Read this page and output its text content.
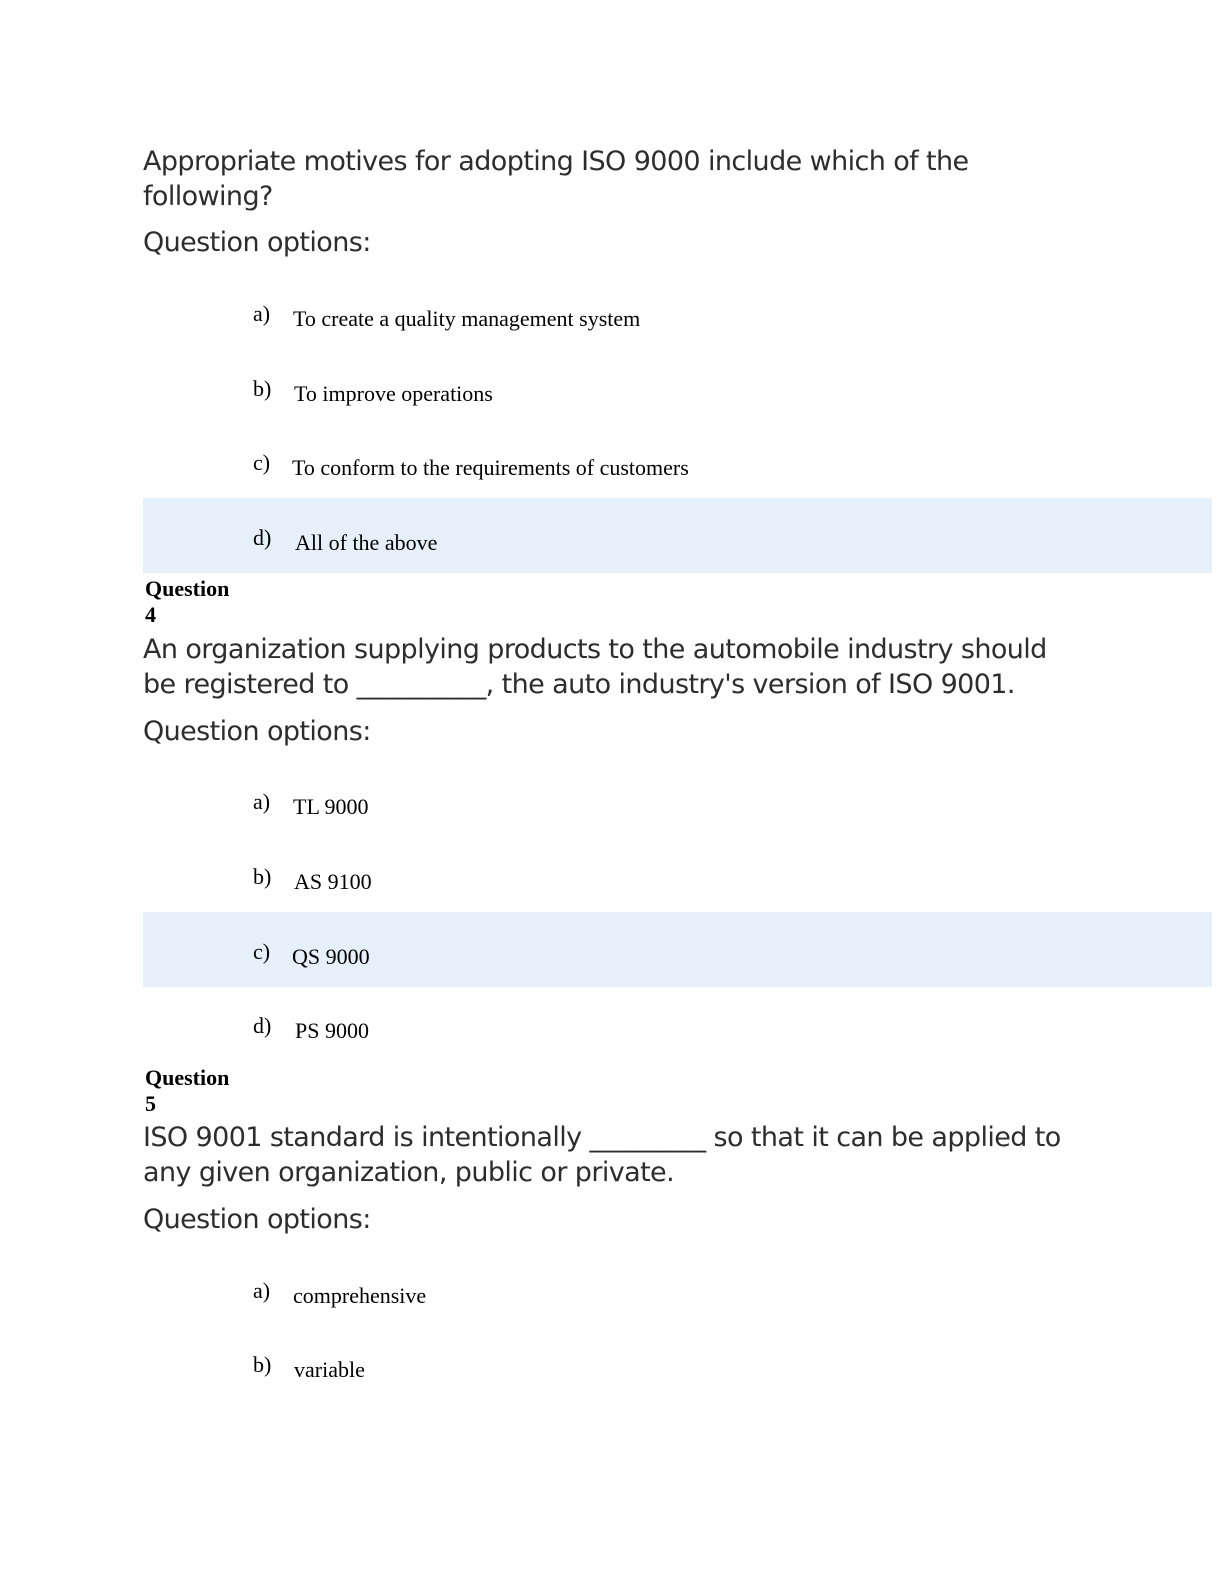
Appropriate motives for adopting ISO 9000 include which of the following?

Question options:

a) To create a quality management system
b) To improve operations
c) To conform to the requirements of customers
d) All of the above
Question
4

An organization supplying products to the automobile industry should be registered to __________, the auto industry's version of ISO 9001.

Question options:

a) TL 9000
b) AS 9100
c) QS 9000
d) PS 9000
Question
5

ISO 9001 standard is intentionally _________ so that it can be applied to any given organization, public or private.

Question options:

a) comprehensive
b) variable
